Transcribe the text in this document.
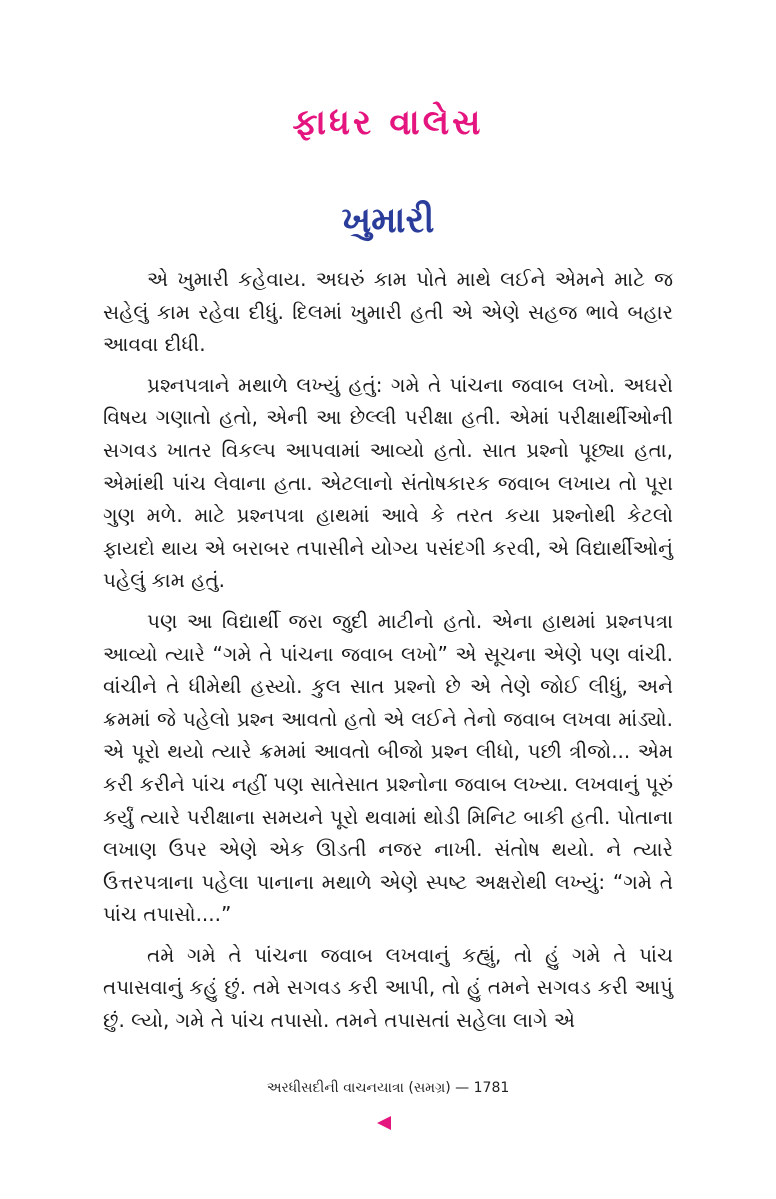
ફાધર વાલેસ
ખુમારી

એ ખુમારી કહેવાય. અઘરું કામ પોતે માથે લઈને એમને માટે જ સહેલું કામ રહેવા દીધું. દિલમાં ખુમારી હતી એ એણે સહજ ભાવે બહાર આવવા દીધી.

પ્રશ્નપત્રાને મથાળે લખ્યું હતું: ગમે તે પાંચના જવાબ લખો. અઘરો વિષય ગણાતો હતો, એની આ છેલ્લી પરીક્ષા હતી. એમાં પરીક્ષાર્થીઓની સગવડ ખાતર વિકલ્પ આપવામાં આવ્યો હતો. સાત પ્રશ્નો પૂછ્યા હતા, એમાંથી પાંચ લેવાના હતા. એટલાનો સંતોષકારક જવાબ લખાય તો પૂરા ગુણ મળે. માટે પ્રશ્નપત્રા હાથમાં આવે કે તરત કયા પ્રશ્નોથી કેટલો ફાયદો થાય એ બરાબર તપાસીને યોગ્ય પસંદગી કરવી, એ વિદ્યાર્થીઓનું પહેલું કામ હતું.

પણ આ વિદ્યાર્થી જરા જુદી માટીનો હતો. એના હાથમાં પ્રશ્નપત્રા આવ્યો ત્યારે “ગમે તે પાંચના જવાબ લખો” એ સૂચના એણે પણ વાંચી. વાંચીને તે ધીમેથી હસ્યો. કુલ સાત પ્રશ્નો છે એ તેણે જોઈ લીધું, અને ક્રમમાં જે પહેલો પ્રશ્ન આવતો હતો એ લઈને તેનો જવાબ લખવા માંડ્યો. એ પૂરો થયો ત્યારે ક્રમમાં આવતો બીજો પ્રશ્ન લીધો, પછી ત્રીજો... એમ કરી કરીને પાંચ નહીં પણ સાતેસાત પ્રશ્નોના જવાબ લખ્યા. લખવાનું પૂરું કર્યું ત્યારે પરીક્ષાના સમયને પૂરો થવામાં થોડી મિનિટ બાકી હતી. પોતાના લખાણ ઉપર એણે એક ઊડતી નજર નાખી. સંતોષ થયો. ને ત્યારે ઉત્તરપત્રાના પહેલા પાનાના મથાળે એણે સ્પષ્ટ અક્ષરોથી લખ્યું: “ગમે તે પાંચ તપાસો....”

તમે ગમે તે પાંચના જવાબ લખવાનું કહ્યું, તો હું ગમે તે પાંચ તપાસવાનું કહું છું. તમે સગવડ કરી આપી, તો હું તમને સગવડ કરી આપું છું. લ્યો, ગમે તે પાંચ તપાસો. તમને તપાસતાં સહેલા લાગે એ

અરધીસદીની વાચનયાત્રા (સમગ્ર) — 1781
